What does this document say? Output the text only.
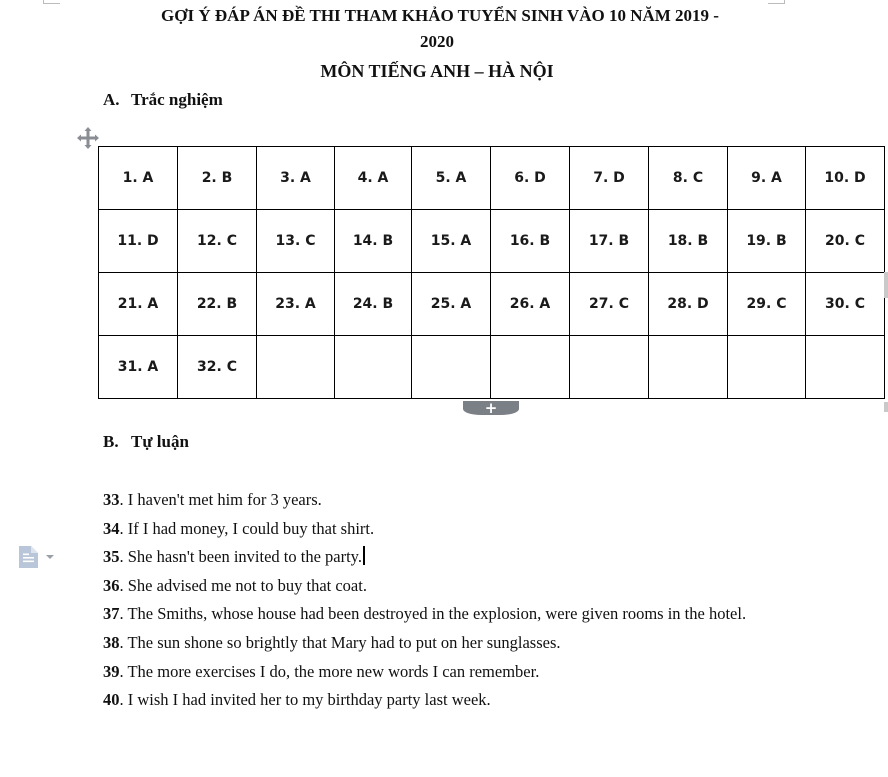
GỢI Ý ĐÁP ÁN ĐỀ THI THAM KHẢO TUYỂN SINH VÀO 10 NĂM 2019 -
2020
MÔN TIẾNG ANH – HÀ NỘI
A. Trắc nghiệm
1. A	2. B	3. A	4. A	5. A	6. D	7. D	8. C	9. A	10. D
11. D	12. C	13. C	14. B	15. A	16. B	17. B	18. B	19. B	20. C
21. A	22. B	23. A	24. B	25. A	26. A	27. C	28. D	29. C	30. C
31. A	32. C								
+
B. Tự luận
33. I haven't met him for 3 years.
34. If I had money, I could buy that shirt.
35. She hasn't been invited to the party.
36. She advised me not to buy that coat.
37. The Smiths, whose house had been destroyed in the explosion, were given rooms in the hotel.
38. The sun shone so brightly that Mary had to put on her sunglasses.
39. The more exercises I do, the more new words I can remember.
40. I wish I had invited her to my birthday party last week.
